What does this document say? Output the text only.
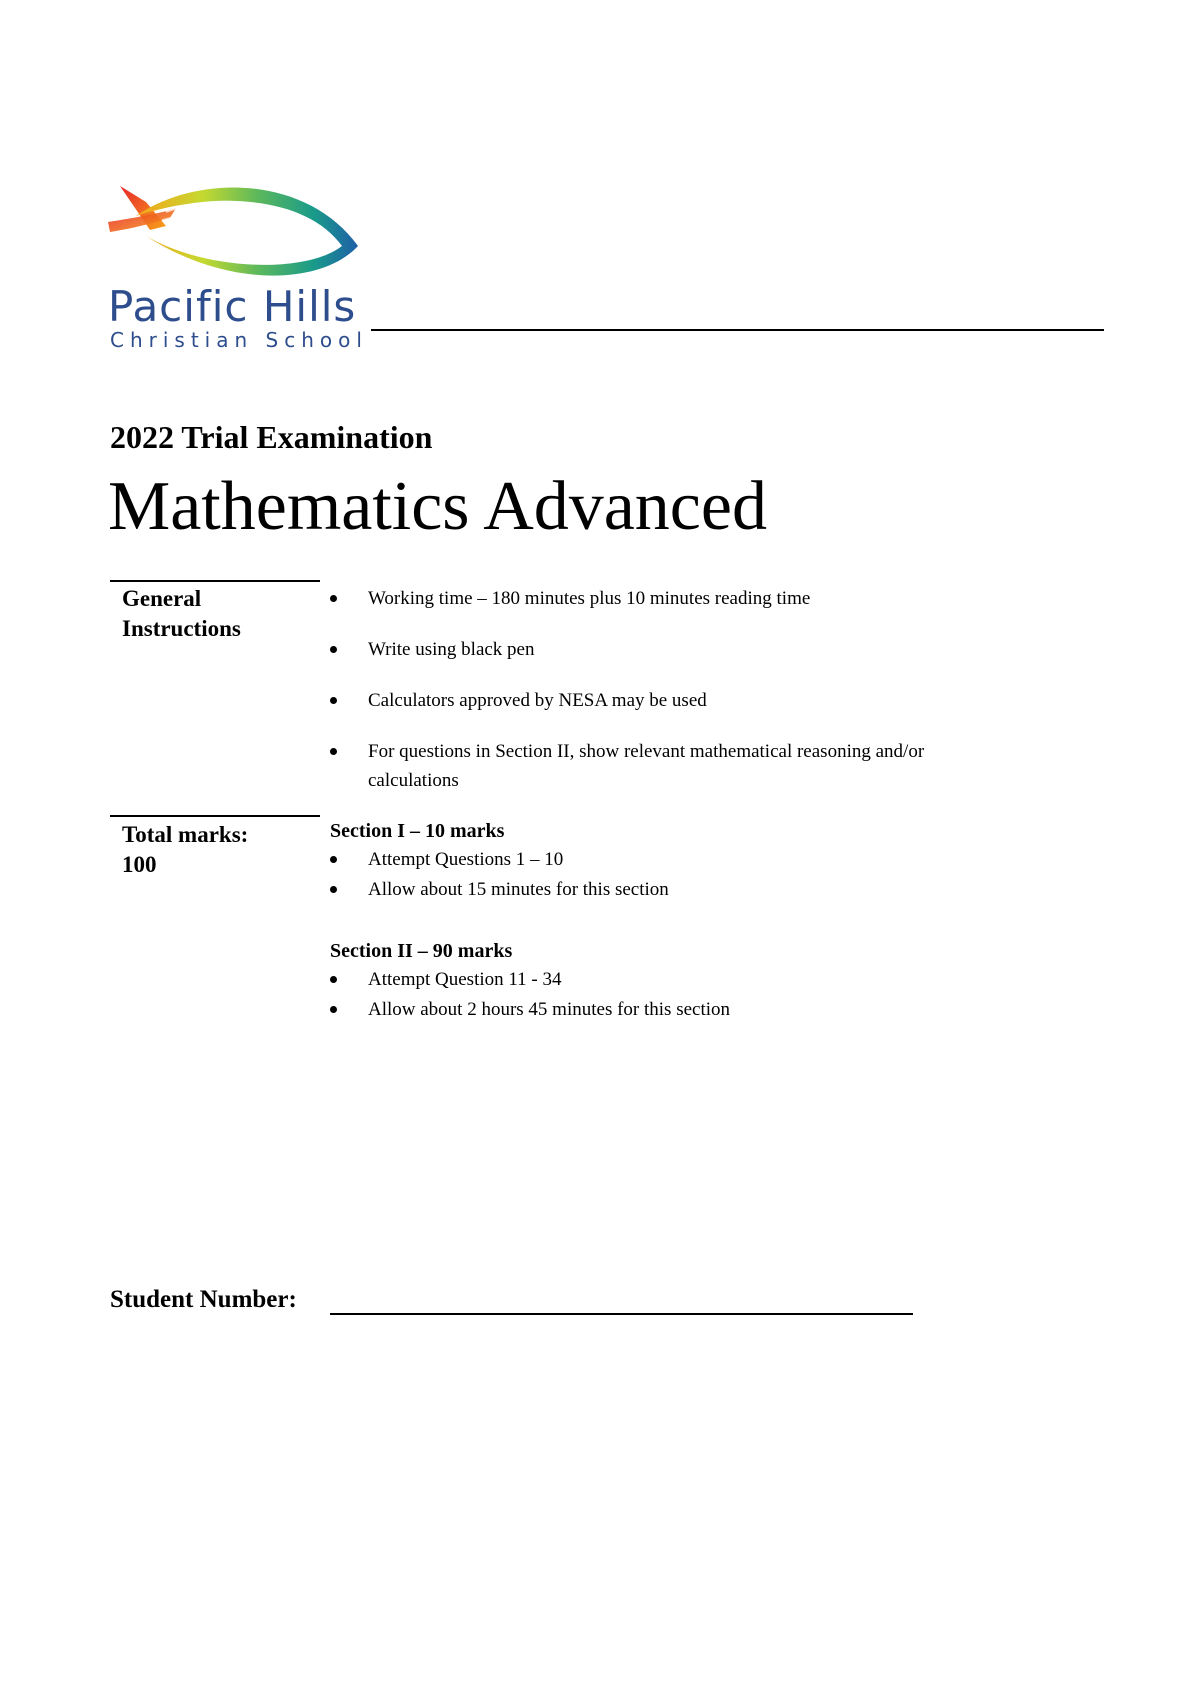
Pacific Hills

Christian School

2022 Trial Examination
Mathematics Advanced
General
Instructions
Working time – 180 minutes plus 10 minutes reading time
Write using black pen
Calculators approved by NESA may be used
For questions in Section II, show relevant mathematical reasoning and/or calculations
Total marks:
100

Section I – 10 marks

Attempt Questions 1 – 10
Allow about 15 minutes for this section

Section II – 90 marks

Attempt Question 11 - 34
Allow about 2 hours 45 minutes for this section
Student Number:
